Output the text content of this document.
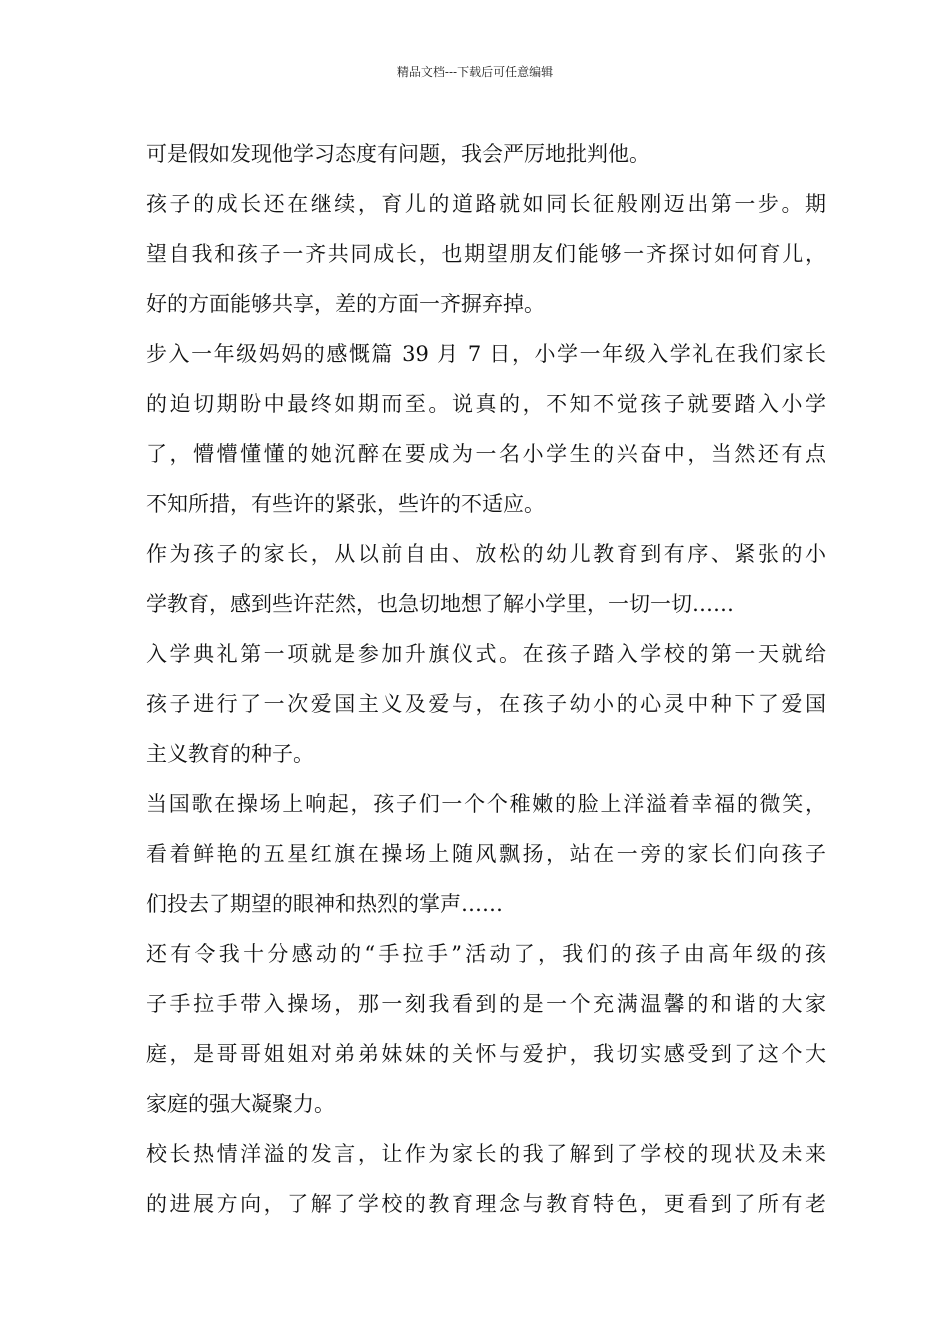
精品文档---下载后可任意编辑
可是假如发现他学习态度有问题，我会严厉地批判他。
孩子的成长还在继续，育儿的道路就如同长征般刚迈出第一步。期
望自我和孩子一齐共同成长，也期望朋友们能够一齐探讨如何育儿，
好的方面能够共享，差的方面一齐摒弃掉。
步入一年级妈妈的感慨篇 39 月 7 日，小学一年级入学礼在我们家长
的迫切期盼中最终如期而至。说真的，不知不觉孩子就要踏入小学
了，懵懵懂懂的她沉醉在要成为一名小学生的兴奋中，当然还有点
不知所措，有些许的紧张，些许的不适应。
作为孩子的家长，从以前自由、放松的幼儿教育到有序、紧张的小
学教育，感到些许茫然，也急切地想了解小学里，一切一切……
入学典礼第一项就是参加升旗仪式。在孩子踏入学校的第一天就给
孩子进行了一次爱国主义及爱与，在孩子幼小的心灵中种下了爱国
主义教育的种子。
当国歌在操场上响起，孩子们一个个稚嫩的脸上洋溢着幸福的微笑，
看着鲜艳的五星红旗在操场上随风飘扬，站在一旁的家长们向孩子
们投去了期望的眼神和热烈的掌声……
还有令我十分感动的“手拉手”活动了，我们的孩子由高年级的孩
子手拉手带入操场，那一刻我看到的是一个充满温馨的和谐的大家
庭，是哥哥姐姐对弟弟妹妹的关怀与爱护，我切实感受到了这个大
家庭的强大凝聚力。
校长热情洋溢的发言，让作为家长的我了解到了学校的现状及未来
的进展方向，了解了学校的教育理念与教育特色，更看到了所有老
